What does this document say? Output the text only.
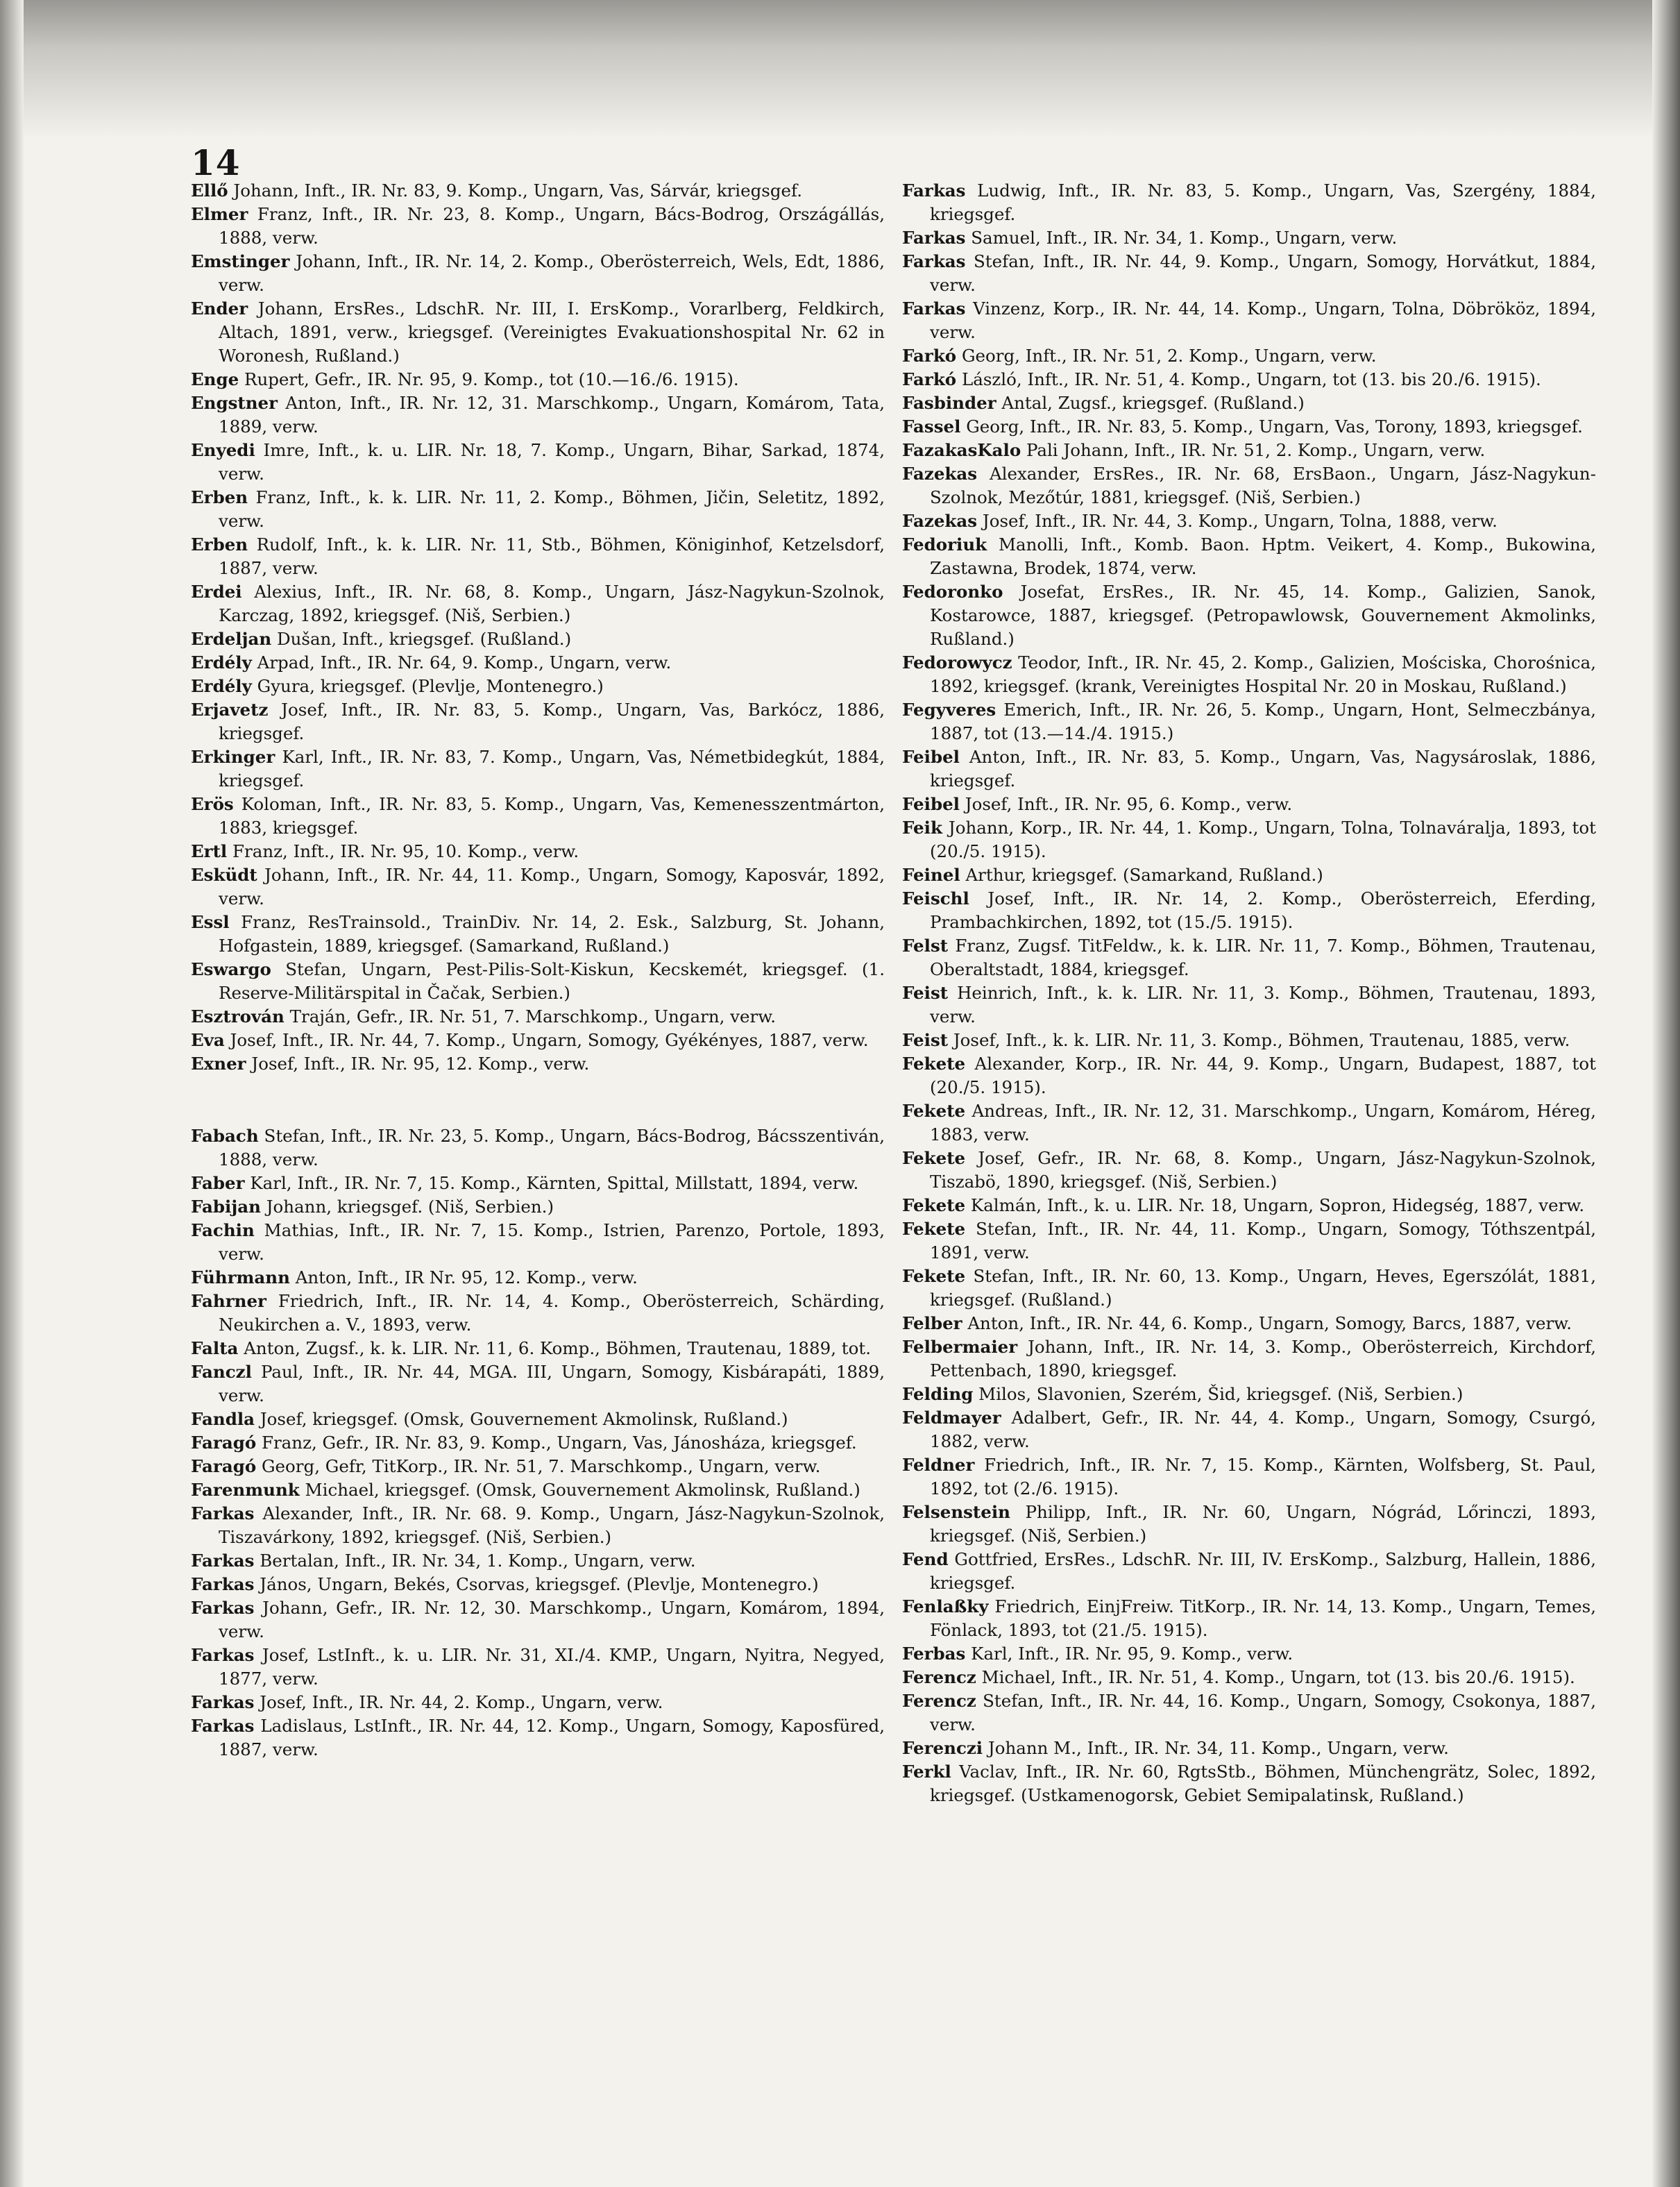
14

Ellő Johann, Inft., IR. Nr. 83, 9. Komp., Ungarn, Vas, Sárvár, kriegsgef.

Elmer Franz, Inft., IR. Nr. 23, 8. Komp., Ungarn, Bács-Bodrog, Országállás, 1888, verw.

Emstinger Johann, Inft., IR. Nr. 14, 2. Komp., Oberösterreich, Wels, Edt, 1886, verw.

Ender Johann, ErsRes., LdschR. Nr. III, I. ErsKomp., Vorarlberg, Feldkirch, Altach, 1891, verw., kriegsgef. (Vereinigtes Evakuationshospital Nr. 62 in Woronesh, Rußland.)

Enge Rupert, Gefr., IR. Nr. 95, 9. Komp., tot (10.—16./6. 1915).

Engstner Anton, Inft., IR. Nr. 12, 31. Marschkomp., Ungarn, Komárom, Tata, 1889, verw.

Enyedi Imre, Inft., k. u. LIR. Nr. 18, 7. Komp., Ungarn, Bihar, Sarkad, 1874, verw.

Erben Franz, Inft., k. k. LIR. Nr. 11, 2. Komp., Böhmen, Jičin, Seletitz, 1892, verw.

Erben Rudolf, Inft., k. k. LIR. Nr. 11, Stb., Böhmen, Königinhof, Ketzelsdorf, 1887, verw.

Erdei Alexius, Inft., IR. Nr. 68, 8. Komp., Ungarn, Jász-Nagykun-Szolnok, Karczag, 1892, kriegsgef. (Niš, Serbien.)

Erdeljan Dušan, Inft., kriegsgef. (Rußland.)

Erdély Arpad, Inft., IR. Nr. 64, 9. Komp., Ungarn, verw.

Erdély Gyura, kriegsgef. (Plevlje, Montenegro.)

Erjavetz Josef, Inft., IR. Nr. 83, 5. Komp., Ungarn, Vas, Barkócz, 1886, kriegsgef.

Erkinger Karl, Inft., IR. Nr. 83, 7. Komp., Ungarn, Vas, Németbidegkút, 1884, kriegsgef.

Erös Koloman, Inft., IR. Nr. 83, 5. Komp., Ungarn, Vas, Kemenesszentmárton, 1883, kriegsgef.

Ertl Franz, Inft., IR. Nr. 95, 10. Komp., verw.

Esküdt Johann, Inft., IR. Nr. 44, 11. Komp., Ungarn, Somogy, Kaposvár, 1892, verw.

Essl Franz, ResTrainsold., TrainDiv. Nr. 14, 2. Esk., Salzburg, St. Johann, Hofgastein, 1889, kriegsgef. (Samarkand, Rußland.)

Eswargo Stefan, Ungarn, Pest-Pilis-Solt-Kiskun, Kecskemét, kriegsgef. (1. Reserve-Militärspital in Čačak, Serbien.)

Esztrován Traján, Gefr., IR. Nr. 51, 7. Marschkomp., Ungarn, verw.

Eva Josef, Inft., IR. Nr. 44, 7. Komp., Ungarn, Somogy, Gyékényes, 1887, verw.

Exner Josef, Inft., IR. Nr. 95, 12. Komp., verw.

Fabach Stefan, Inft., IR. Nr. 23, 5. Komp., Ungarn, Bács-Bodrog, Bácsszentiván, 1888, verw.

Faber Karl, Inft., IR. Nr. 7, 15. Komp., Kärnten, Spittal, Millstatt, 1894, verw.

Fabijan Johann, kriegsgef. (Niš, Serbien.)

Fachin Mathias, Inft., IR. Nr. 7, 15. Komp., Istrien, Parenzo, Portole, 1893, verw.

Führmann Anton, Inft., IR Nr. 95, 12. Komp., verw.

Fahrner Friedrich, Inft., IR. Nr. 14, 4. Komp., Oberösterreich, Schärding, Neukirchen a. V., 1893, verw.

Falta Anton, Zugsf., k. k. LIR. Nr. 11, 6. Komp., Böhmen, Trautenau, 1889, tot.

Fanczl Paul, Inft., IR. Nr. 44, MGA. III, Ungarn, Somogy, Kisbárapáti, 1889, verw.

Fandla Josef, kriegsgef. (Omsk, Gouvernement Akmolinsk, Rußland.)

Faragó Franz, Gefr., IR. Nr. 83, 9. Komp., Ungarn, Vas, Jánosháza, kriegsgef.

Faragó Georg, Gefr, TitKorp., IR. Nr. 51, 7. Marschkomp., Ungarn, verw.

Farenmunk Michael, kriegsgef. (Omsk, Gouvernement Akmolinsk, Rußland.)

Farkas Alexander, Inft., IR. Nr. 68. 9. Komp., Ungarn, Jász-Nagykun-Szolnok, Tiszavárkony, 1892, kriegsgef. (Niš, Serbien.)

Farkas Bertalan, Inft., IR. Nr. 34, 1. Komp., Ungarn, verw.

Farkas János, Ungarn, Bekés, Csorvas, kriegsgef. (Plevlje, Montenegro.)

Farkas Johann, Gefr., IR. Nr. 12, 30. Marschkomp., Ungarn, Komárom, 1894, verw.

Farkas Josef, LstInft., k. u. LIR. Nr. 31, XI./4. KMP., Ungarn, Nyitra, Negyed, 1877, verw.

Farkas Josef, Inft., IR. Nr. 44, 2. Komp., Ungarn, verw.

Farkas Ladislaus, LstInft., IR. Nr. 44, 12. Komp., Ungarn, Somogy, Kaposfüred, 1887, verw.

Farkas Ludwig, Inft., IR. Nr. 83, 5. Komp., Ungarn, Vas, Szergény, 1884, kriegsgef.

Farkas Samuel, Inft., IR. Nr. 34, 1. Komp., Ungarn, verw.

Farkas Stefan, Inft., IR. Nr. 44, 9. Komp., Ungarn, Somogy, Horvátkut, 1884, verw.

Farkas Vinzenz, Korp., IR. Nr. 44, 14. Komp., Ungarn, Tolna, Döbrököz, 1894, verw.

Farkó Georg, Inft., IR. Nr. 51, 2. Komp., Ungarn, verw.

Farkó László, Inft., IR. Nr. 51, 4. Komp., Ungarn, tot (13. bis 20./6. 1915).

Fasbinder Antal, Zugsf., kriegsgef. (Rußland.)

Fassel Georg, Inft., IR. Nr. 83, 5. Komp., Ungarn, Vas, Torony, 1893, kriegsgef.

FazakasKalo Pali Johann, Inft., IR. Nr. 51, 2. Komp., Ungarn, verw.

Fazekas Alexander, ErsRes., IR. Nr. 68, ErsBaon., Ungarn, Jász-Nagykun-Szolnok, Mezőtúr, 1881, kriegsgef. (Niš, Serbien.)

Fazekas Josef, Inft., IR. Nr. 44, 3. Komp., Ungarn, Tolna, 1888, verw.

Fedoriuk Manolli, Inft., Komb. Baon. Hptm. Veikert, 4. Komp., Bukowina, Zastawna, Brodek, 1874, verw.

Fedoronko Josefat, ErsRes., IR. Nr. 45, 14. Komp., Galizien, Sanok, Kostarowce, 1887, kriegsgef. (Petropawlowsk, Gouvernement Akmolinks, Rußland.)

Fedorowycz Teodor, Inft., IR. Nr. 45, 2. Komp., Galizien, Mościska, Chorośnica, 1892, kriegsgef. (krank, Vereinigtes Hospital Nr. 20 in Moskau, Rußland.)

Fegyveres Emerich, Inft., IR. Nr. 26, 5. Komp., Ungarn, Hont, Selmeczbánya, 1887, tot (13.—14./4. 1915.)

Feibel Anton, Inft., IR. Nr. 83, 5. Komp., Ungarn, Vas, Nagysároslak, 1886, kriegsgef.

Feibel Josef, Inft., IR. Nr. 95, 6. Komp., verw.

Feik Johann, Korp., IR. Nr. 44, 1. Komp., Ungarn, Tolna, Tolnaváralja, 1893, tot (20./5. 1915).

Feinel Arthur, kriegsgef. (Samarkand, Rußland.)

Feischl Josef, Inft., IR. Nr. 14, 2. Komp., Oberösterreich, Eferding, Prambachkirchen, 1892, tot (15./5. 1915).

Felst Franz, Zugsf. TitFeldw., k. k. LIR. Nr. 11, 7. Komp., Böhmen, Trautenau, Oberaltstadt, 1884, kriegsgef.

Feist Heinrich, Inft., k. k. LIR. Nr. 11, 3. Komp., Böhmen, Trautenau, 1893, verw.

Feist Josef, Inft., k. k. LIR. Nr. 11, 3. Komp., Böhmen, Trautenau, 1885, verw.

Fekete Alexander, Korp., IR. Nr. 44, 9. Komp., Ungarn, Budapest, 1887, tot (20./5. 1915).

Fekete Andreas, Inft., IR. Nr. 12, 31. Marschkomp., Ungarn, Komárom, Héreg, 1883, verw.

Fekete Josef, Gefr., IR. Nr. 68, 8. Komp., Ungarn, Jász-Nagykun-Szolnok, Tiszabö, 1890, kriegsgef. (Niš, Serbien.)

Fekete Kalmán, Inft., k. u. LIR. Nr. 18, Ungarn, Sopron, Hidegség, 1887, verw.

Fekete Stefan, Inft., IR. Nr. 44, 11. Komp., Ungarn, Somogy, Tóthszentpál, 1891, verw.

Fekete Stefan, Inft., IR. Nr. 60, 13. Komp., Ungarn, Heves, Egerszólát, 1881, kriegsgef. (Rußland.)

Felber Anton, Inft., IR. Nr. 44, 6. Komp., Ungarn, Somogy, Barcs, 1887, verw.

Felbermaier Johann, Inft., IR. Nr. 14, 3. Komp., Oberösterreich, Kirchdorf, Pettenbach, 1890, kriegsgef.

Felding Milos, Slavonien, Szerém, Šid, kriegsgef. (Niš, Serbien.)

Feldmayer Adalbert, Gefr., IR. Nr. 44, 4. Komp., Ungarn, Somogy, Csurgó, 1882, verw.

Feldner Friedrich, Inft., IR. Nr. 7, 15. Komp., Kärnten, Wolfsberg, St. Paul, 1892, tot (2./6. 1915).

Felsenstein Philipp, Inft., IR. Nr. 60, Ungarn, Nógrád, Lőrinczi, 1893, kriegsgef. (Niš, Serbien.)

Fend Gottfried, ErsRes., LdschR. Nr. III, IV. ErsKomp., Salzburg, Hallein, 1886, kriegsgef.

Fenlaßky Friedrich, EinjFreiw. TitKorp., IR. Nr. 14, 13. Komp., Ungarn, Temes, Fönlack, 1893, tot (21./5. 1915).

Ferbas Karl, Inft., IR. Nr. 95, 9. Komp., verw.

Ferencz Michael, Inft., IR. Nr. 51, 4. Komp., Ungarn, tot (13. bis 20./6. 1915).

Ferencz Stefan, Inft., IR. Nr. 44, 16. Komp., Ungarn, Somogy, Csokonya, 1887, verw.

Ferenczi Johann M., Inft., IR. Nr. 34, 11. Komp., Ungarn, verw.

Ferkl Vaclav, Inft., IR. Nr. 60, RgtsStb., Böhmen, Münchengrätz, Solec, 1892, kriegsgef. (Ustkamenogorsk, Gebiet Semipalatinsk, Rußland.)
